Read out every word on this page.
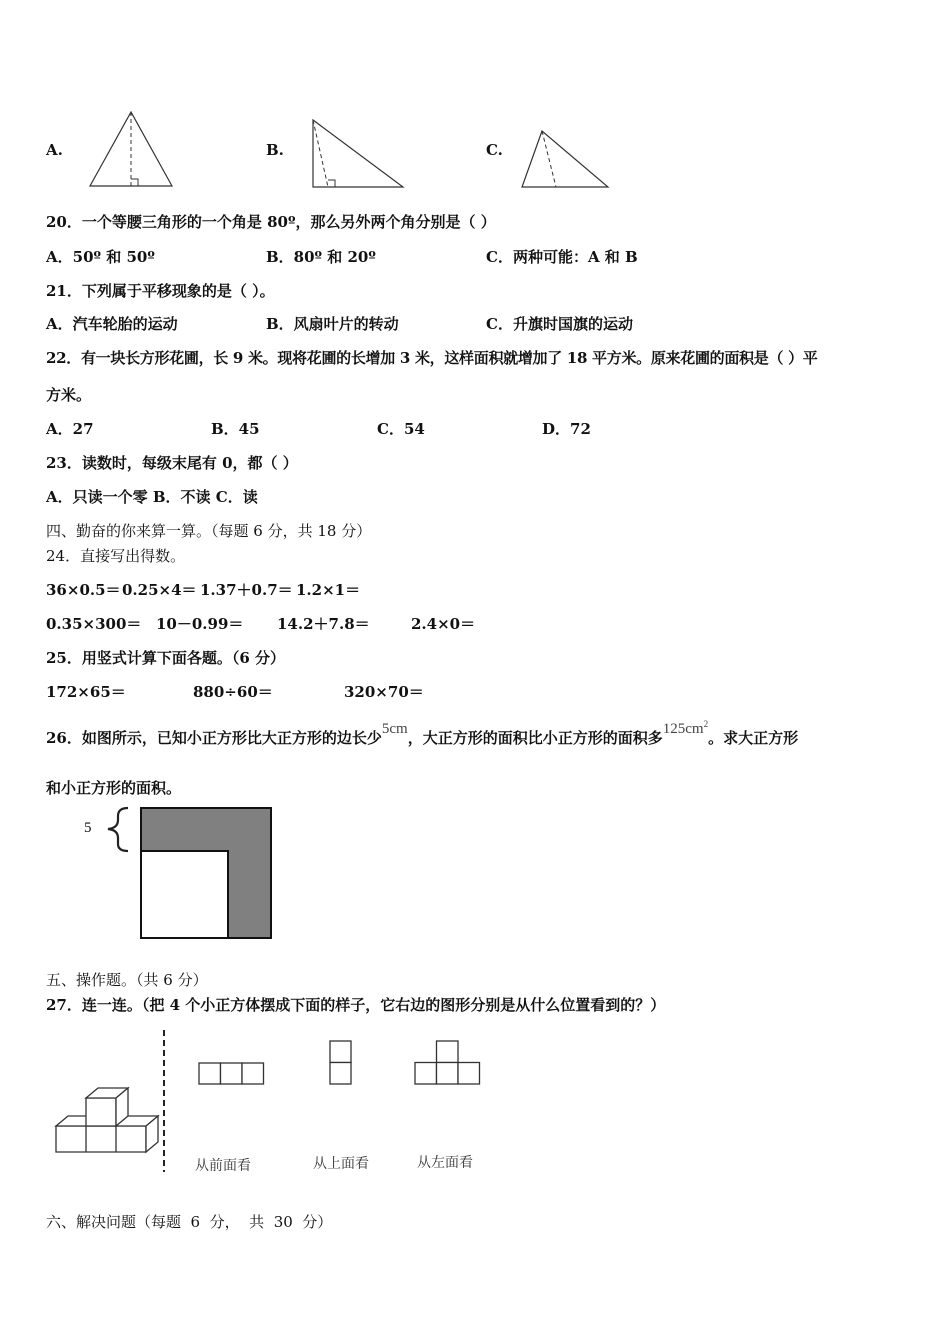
A.	B.	C.
20．一个等腰三角形的一个角是 80º，那么另外两个角分别是（ ）
A．50º 和 50º	B．80º 和 20º	C．两种可能：A 和 B
21．下列属于平移现象的是（ ）。
A．汽车轮胎的运动	B．风扇叶片的转动	C．升旗时国旗的运动
22．有一块长方形花圃，长 9 米。现将花圃的长增加 3 米，这样面积就增加了 18 平方米。原来花圃的面积是（ ）平
方米。
A．27	B．45	C．54	D．72
23．读数时，每级末尾有 0，都（ ）
A．只读一个零 B．不读 C．读
四、勤奋的你来算一算。（每题 6 分，共 18 分）
24．直接写出得数。
36×0.5＝ 0.25×4＝ 1.37＋0.7＝ 1.2×1＝
0.35×300＝ 10－0.99＝ 14.2＋7.8＝	2.4×0＝
25．用竖式计算下面各题。（6 分）
172×65＝	880÷60＝	320×70＝
26．如图所示，已知小正方形比大正方形的边长少5cm，大正方形的面积比小正方形的面积多$125cm^2$。求大正方形
和小正方形的面积。
5
五、操作题。（共 6 分）
27．连一连。（把 4 个小正方体摆成下面的样子，它右边的图形分别是从什么位置看到的？）
从前面看	从上面看	从左面看
六、解决问题（每题  6  分，  共  30  分）
